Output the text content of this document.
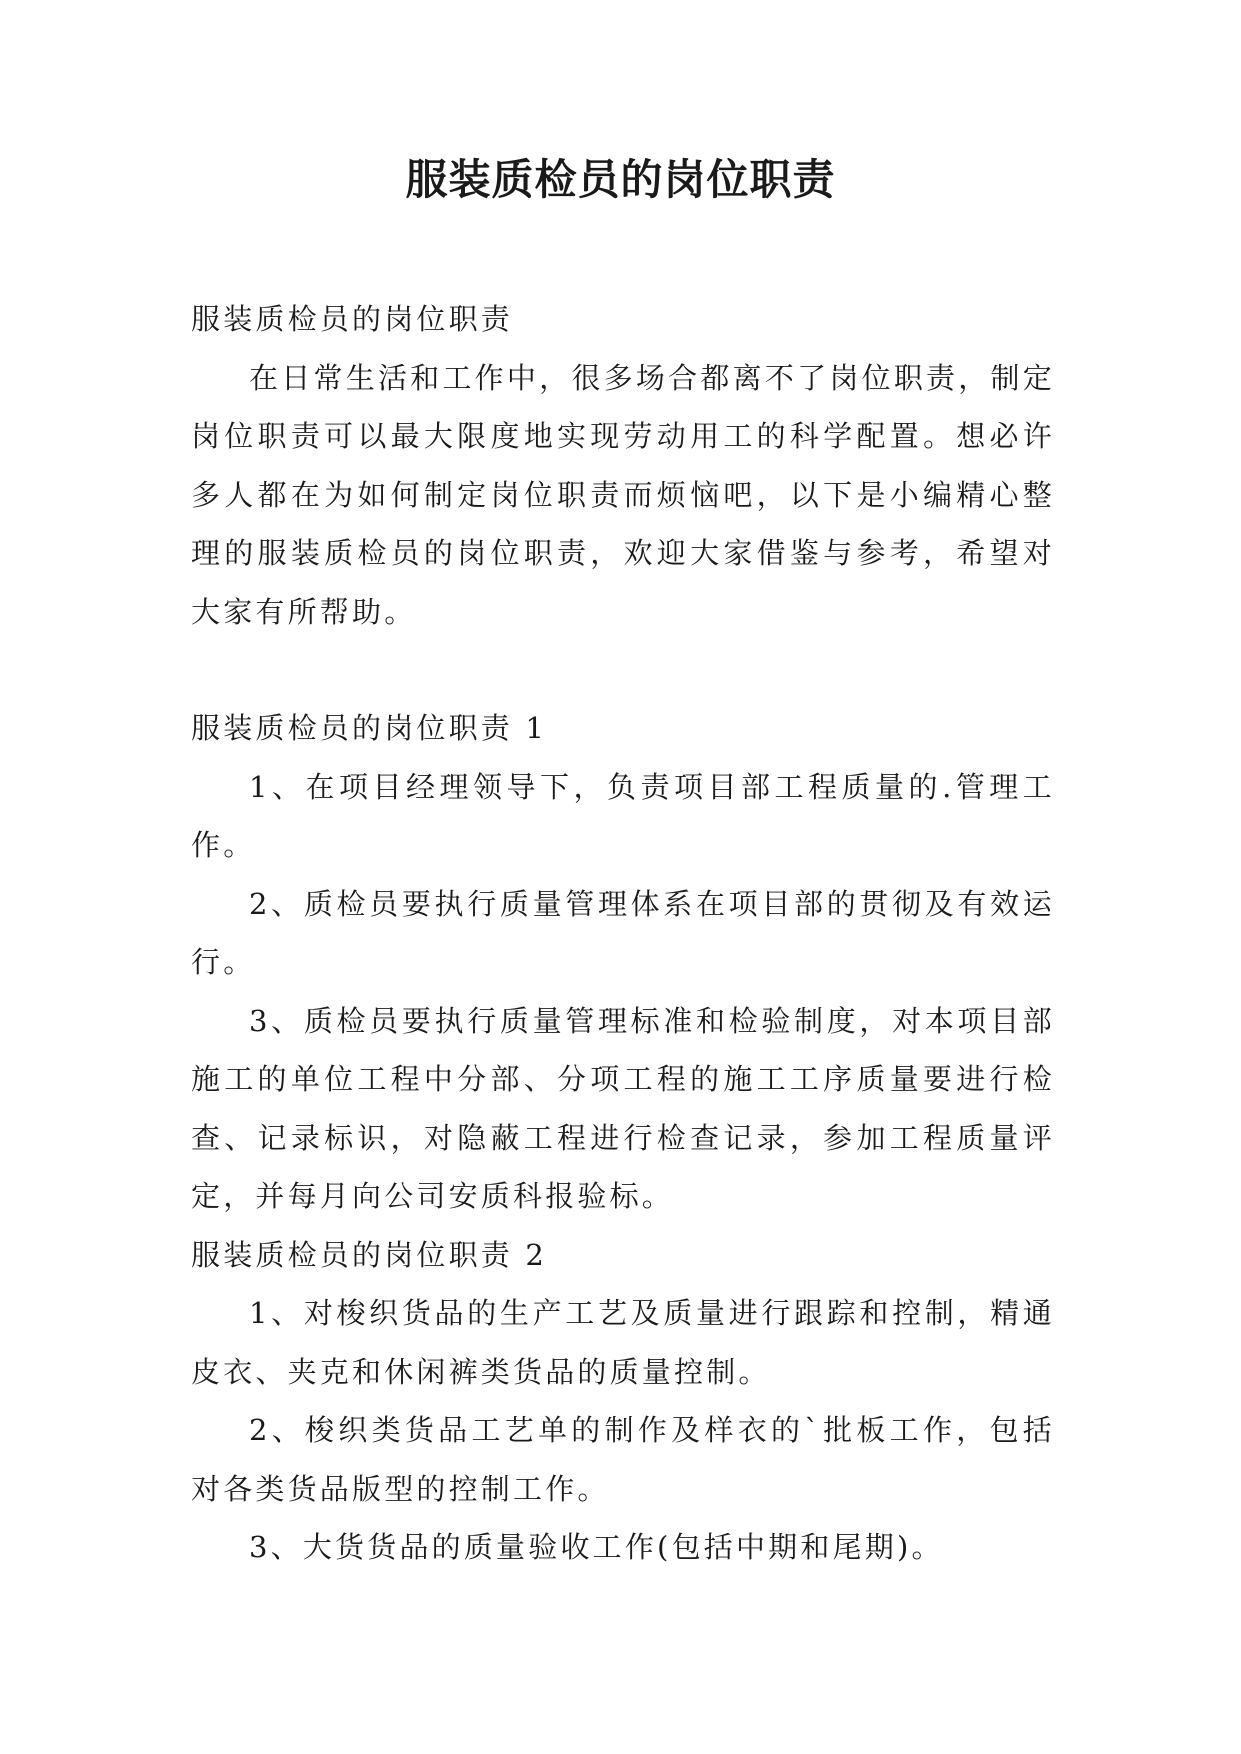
服装质检员的岗位职责

服装质检员的岗位职责

在日常生活和工作中，很多场合都离不了岗位职责，制定岗位职责可以最大限度地实现劳动用工的科学配置。想必许多人都在为如何制定岗位职责而烦恼吧，以下是小编精心整理的服装质检员的岗位职责，欢迎大家借鉴与参考，希望对大家有所帮助。

服装质检员的岗位职责 1

1、在项目经理领导下，负责项目部工程质量的.管理工作。

2、质检员要执行质量管理体系在项目部的贯彻及有效运行。

3、质检员要执行质量管理标准和检验制度，对本项目部施工的单位工程中分部、分项工程的施工工序质量要进行检查、记录标识，对隐蔽工程进行检查记录，参加工程质量评定，并每月向公司安质科报验标。

服装质检员的岗位职责 2

1、对梭织货品的生产工艺及质量进行跟踪和控制，精通皮衣、夹克和休闲裤类货品的质量控制。

2、梭织类货品工艺单的制作及样衣的`批板工作，包括对各类货品版型的控制工作。

3、大货货品的质量验收工作(包括中期和尾期)。
